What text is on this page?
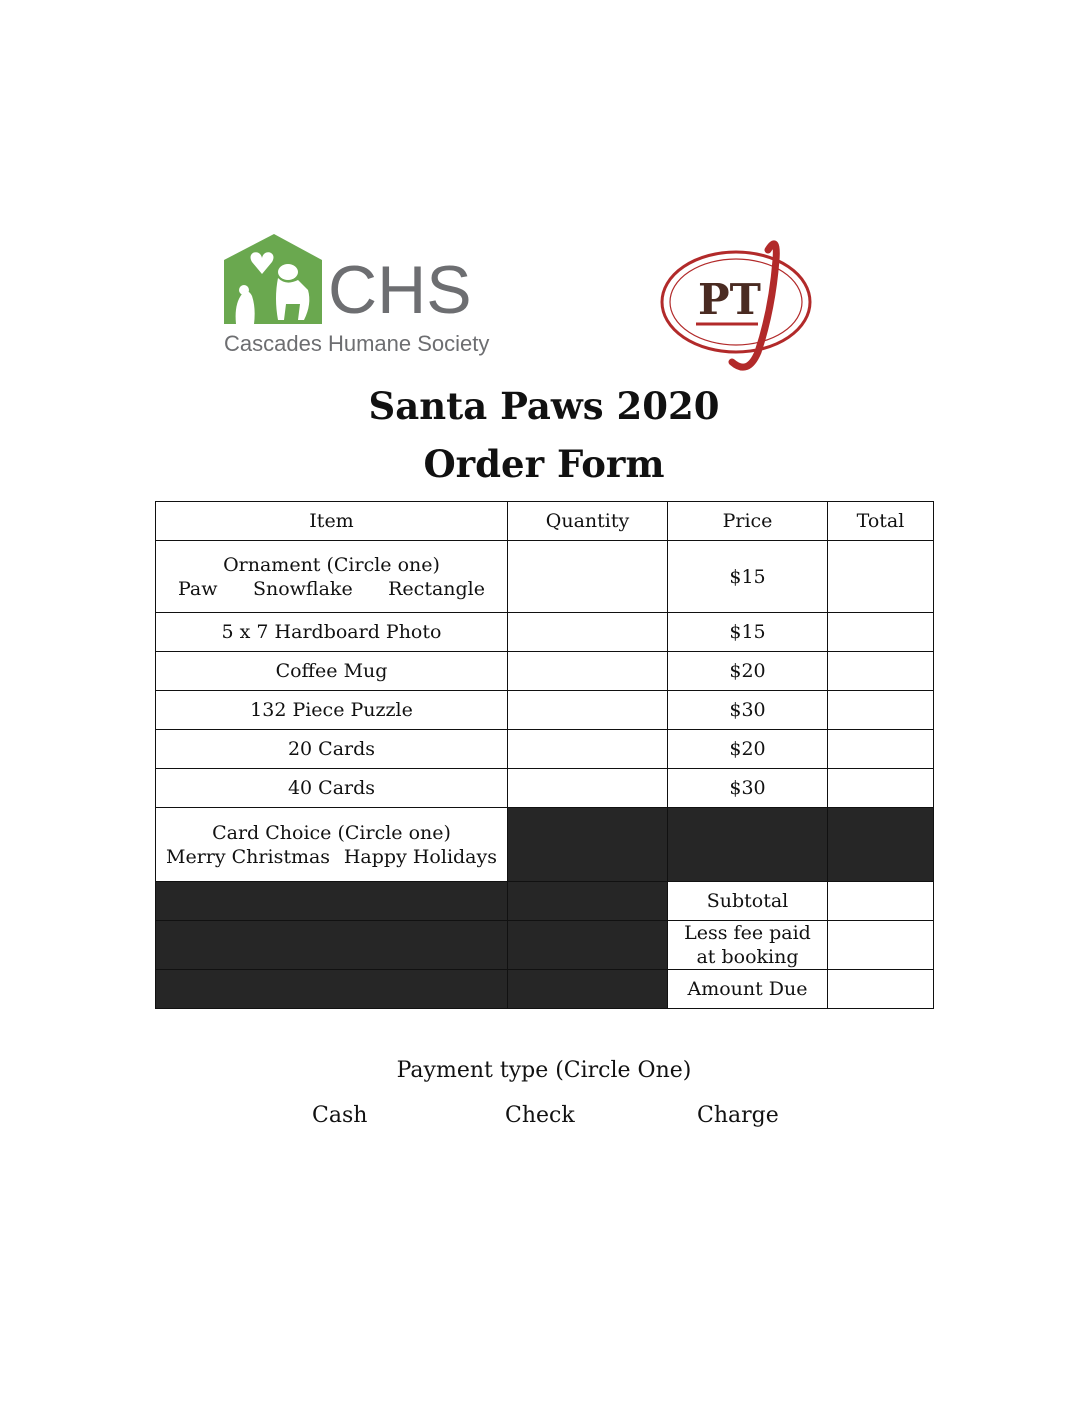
CHS
Cascades Humane Society
PT
Santa Paws 2020
Order Form
Item	Quantity	Price	Total

Ornament (Circle one)
Paw Snowflake Rectangle		$15	
5 x 7 Hardboard Photo		$15	
Coffee Mug		$20	
132 Piece Puzzle		$30	
20 Cards		$20	
40 Cards		$30	

Card Choice (Circle one)
Merry Christmas Happy Holidays			

		Subtotal	

		Less fee paid
at booking	

		Amount Due	
Payment type (Circle One)
Cash	Check	Charge
